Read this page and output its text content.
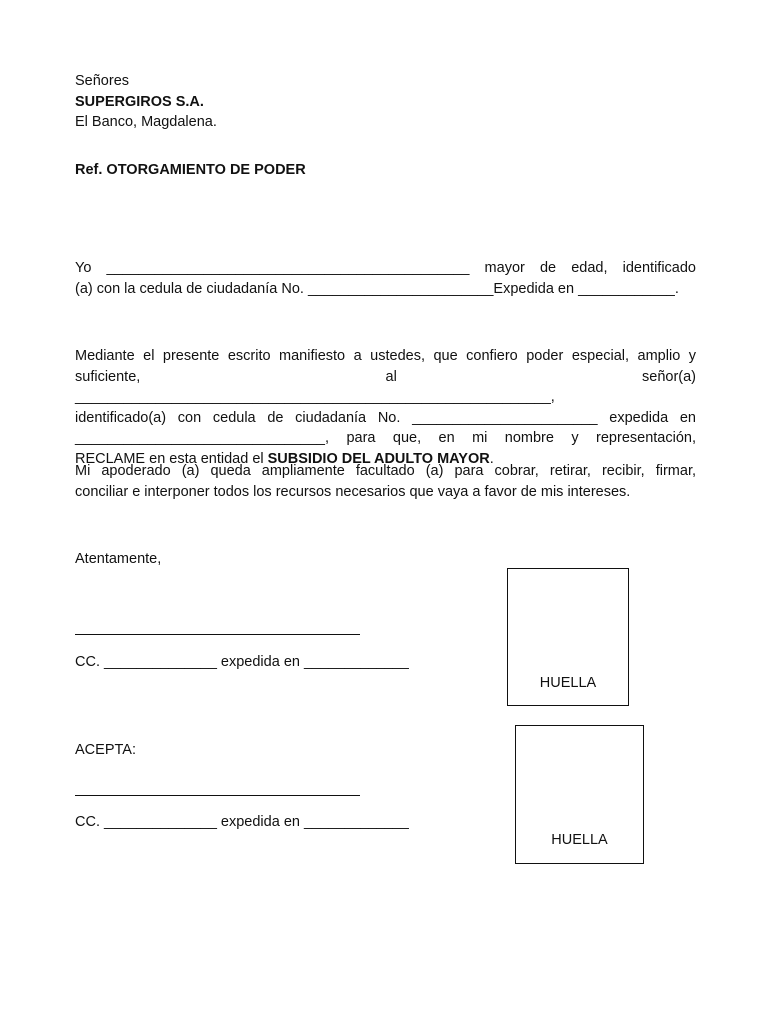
Señores
SUPERGIROS S.A.
El Banco, Magdalena.
Ref. OTORGAMIENTO DE PODER
Yo _____________________________________________ mayor de edad, identificado
(a) con la cedula de ciudadanía No. _______________________Expedida en ____________.
Mediante el presente escrito manifiesto a ustedes, que confiero poder especial, amplio y
suficiente, al señor(a) ___________________________________________________________,
identificado(a) con cedula de ciudadanía No. _______________________ expedida en
_______________________________, para que, en mi nombre y representación,
RECLAME en esta entidad el SUBSIDIO DEL ADULTO MAYOR.
Mi apoderado (a) queda ampliamente facultado (a) para cobrar, retirar, recibir, firmar,
conciliar e interponer todos los recursos necesarios que vaya a favor de mis intereses.
Atentamente,
CC. ______________ expedida en _____________
HUELLA
ACEPTA:
CC. ______________ expedida en _____________
HUELLA
